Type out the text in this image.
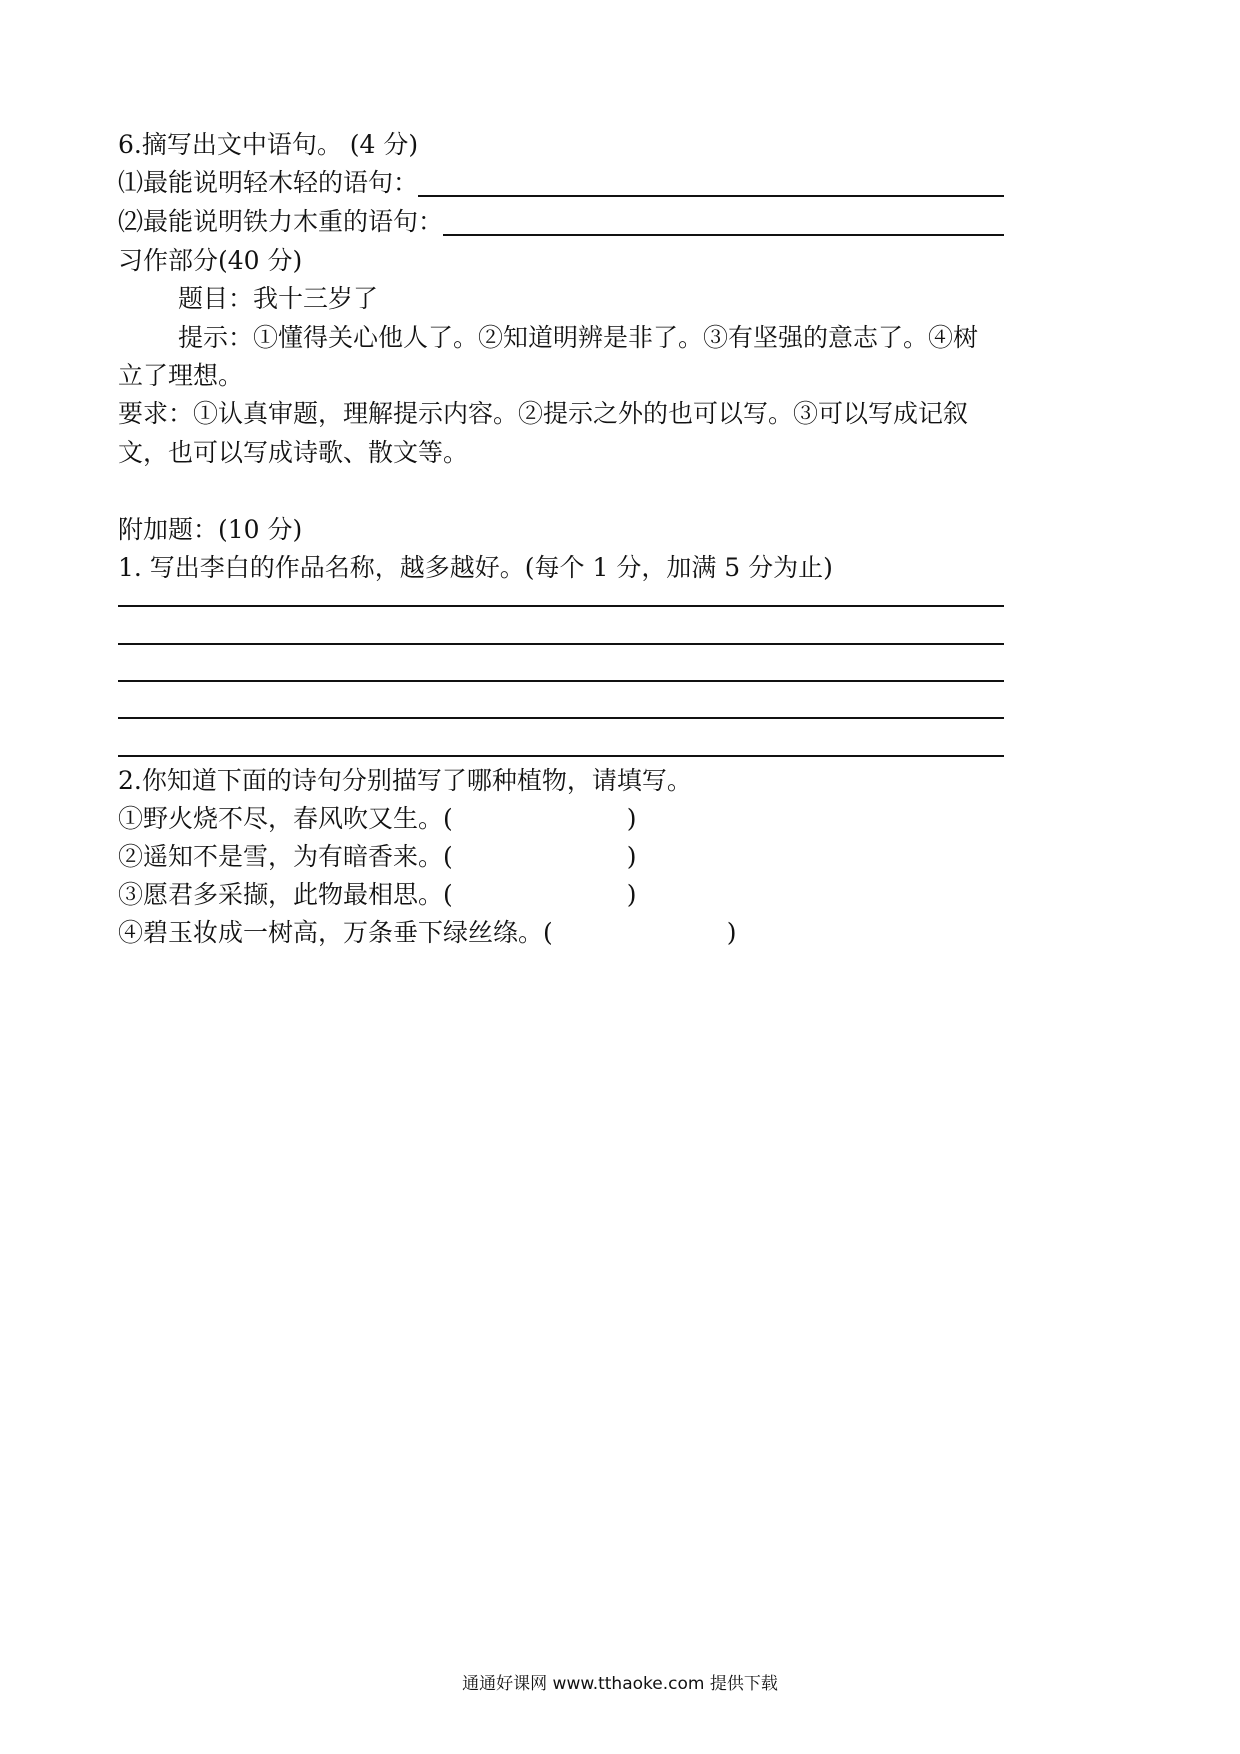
6.摘写出文中语句。 (4 分)
⑴最能说明轻木轻的语句：
⑵最能说明铁力木重的语句：
习作部分(40 分)
题目：我十三岁了
提示：①懂得关心他人了。②知道明辨是非了。③有坚强的意志了。④树
立了理想。
要求：①认真审题，理解提示内容。②提示之外的也可以写。③可以写成记叙
文，也可以写成诗歌、散文等。
附加题：(10 分)
1. 写出李白的作品名称，越多越好。(每个 1 分，加满 5 分为止)
2.你知道下面的诗句分别描写了哪种植物，请填写。
①野火烧不尽，春风吹又生。(	)
②遥知不是雪，为有暗香来。(	)
③愿君多采撷，此物最相思。(	)
④碧玉妆成一树高，万条垂下绿丝绦。(	)
通通好课网 www.tthaoke.com 提供下载
